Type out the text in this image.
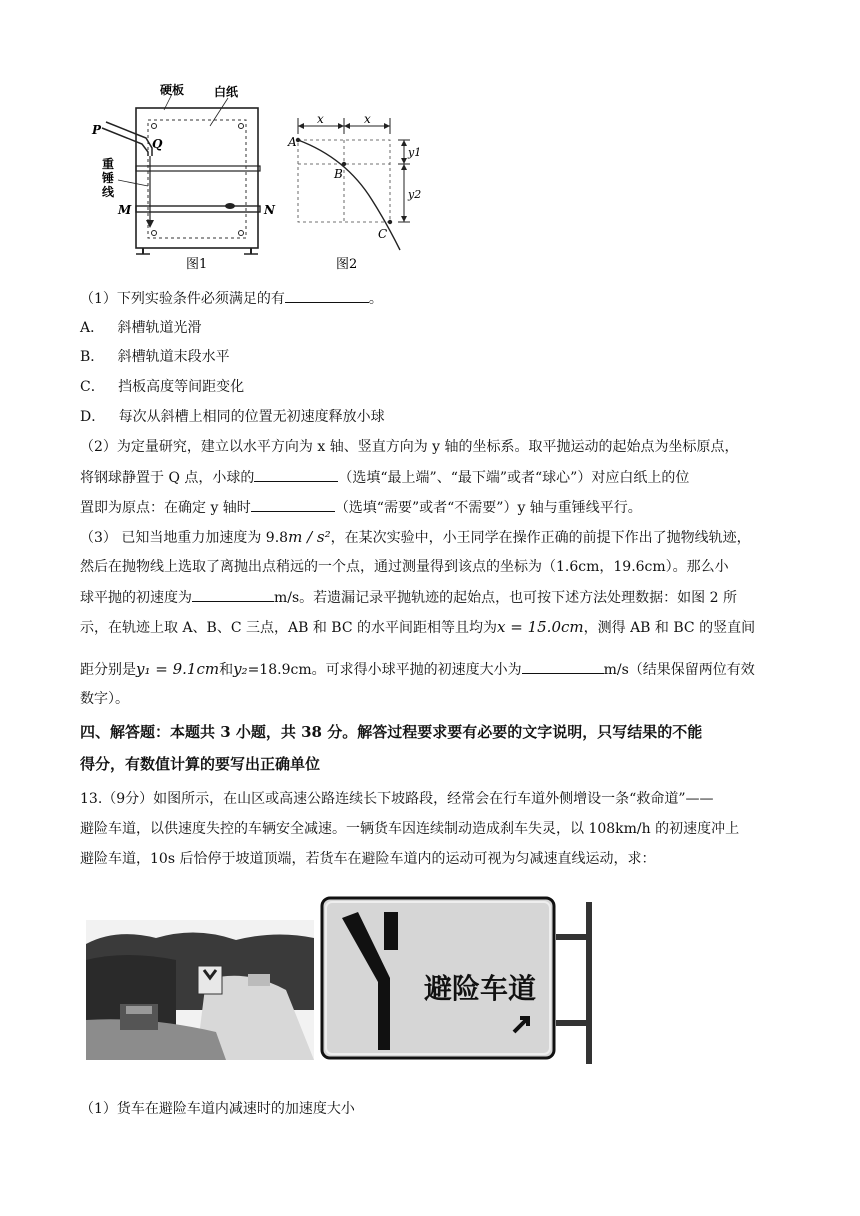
硬板 白纸
P
Q
重
锤
线
M	N
图1
x	x
y1
y2
A
B
C
图2
（1）下列实验条件必须满足的有	。
A． 斜槽轨道光滑
B． 斜槽轨道末段水平
C． 挡板高度等间距变化
D． 每次从斜槽上相同的位置无初速度释放小球
（2）为定量研究，建立以水平方向为 x 轴、竖直方向为 y 轴的坐标系。取平抛运动的起始点为坐标原点，
将钢球静置于 Q 点，小球的	（选填“最上端”、“最下端”或者“球心”）对应白纸上的位
置即为原点：在确定 y 轴时	（选填“需要”或者“不需要”）y 轴与重锤线平行。
（3） 已知当地重力加速度为 9.8m / s²，在某次实验中，小王同学在操作正确的前提下作出了抛物线轨迹，
然后在抛物线上选取了离抛出点稍远的一个点，通过测量得到该点的坐标为（1.6cm，19.6cm）。那么小
球平抛的初速度为	m/s。若遗漏记录平抛轨迹的起始点，也可按下述方法处理数据：如图 2 所
示，在轨迹上取 A、B、C 三点，AB 和 BC 的水平间距相等且均为x = 15.0cm，测得 AB 和 BC 的竖直间
距分别是y₁ = 9.1cm和y₂=18.9cm。可求得小球平抛的初速度大小为	m/s（结果保留两位有效
数字）。
四、解答题：本题共 3 小题，共 38 分。解答过程要求要有必要的文字说明，只写结果的不能
得分，有数值计算的要写出正确单位
13.（9分）如图所示，在山区或高速公路连续长下坡路段，经常会在行车道外侧增设一条“救命道”——
避险车道，以供速度失控的车辆安全减速。一辆货车因连续制动造成刹车失灵，以 108km/h 的初速度冲上
避险车道，10s 后恰停于坡道顶端，若货车在避险车道内的运动可视为匀减速直线运动，求：
避险车道
（1）货车在避险车道内减速时的加速度大小
